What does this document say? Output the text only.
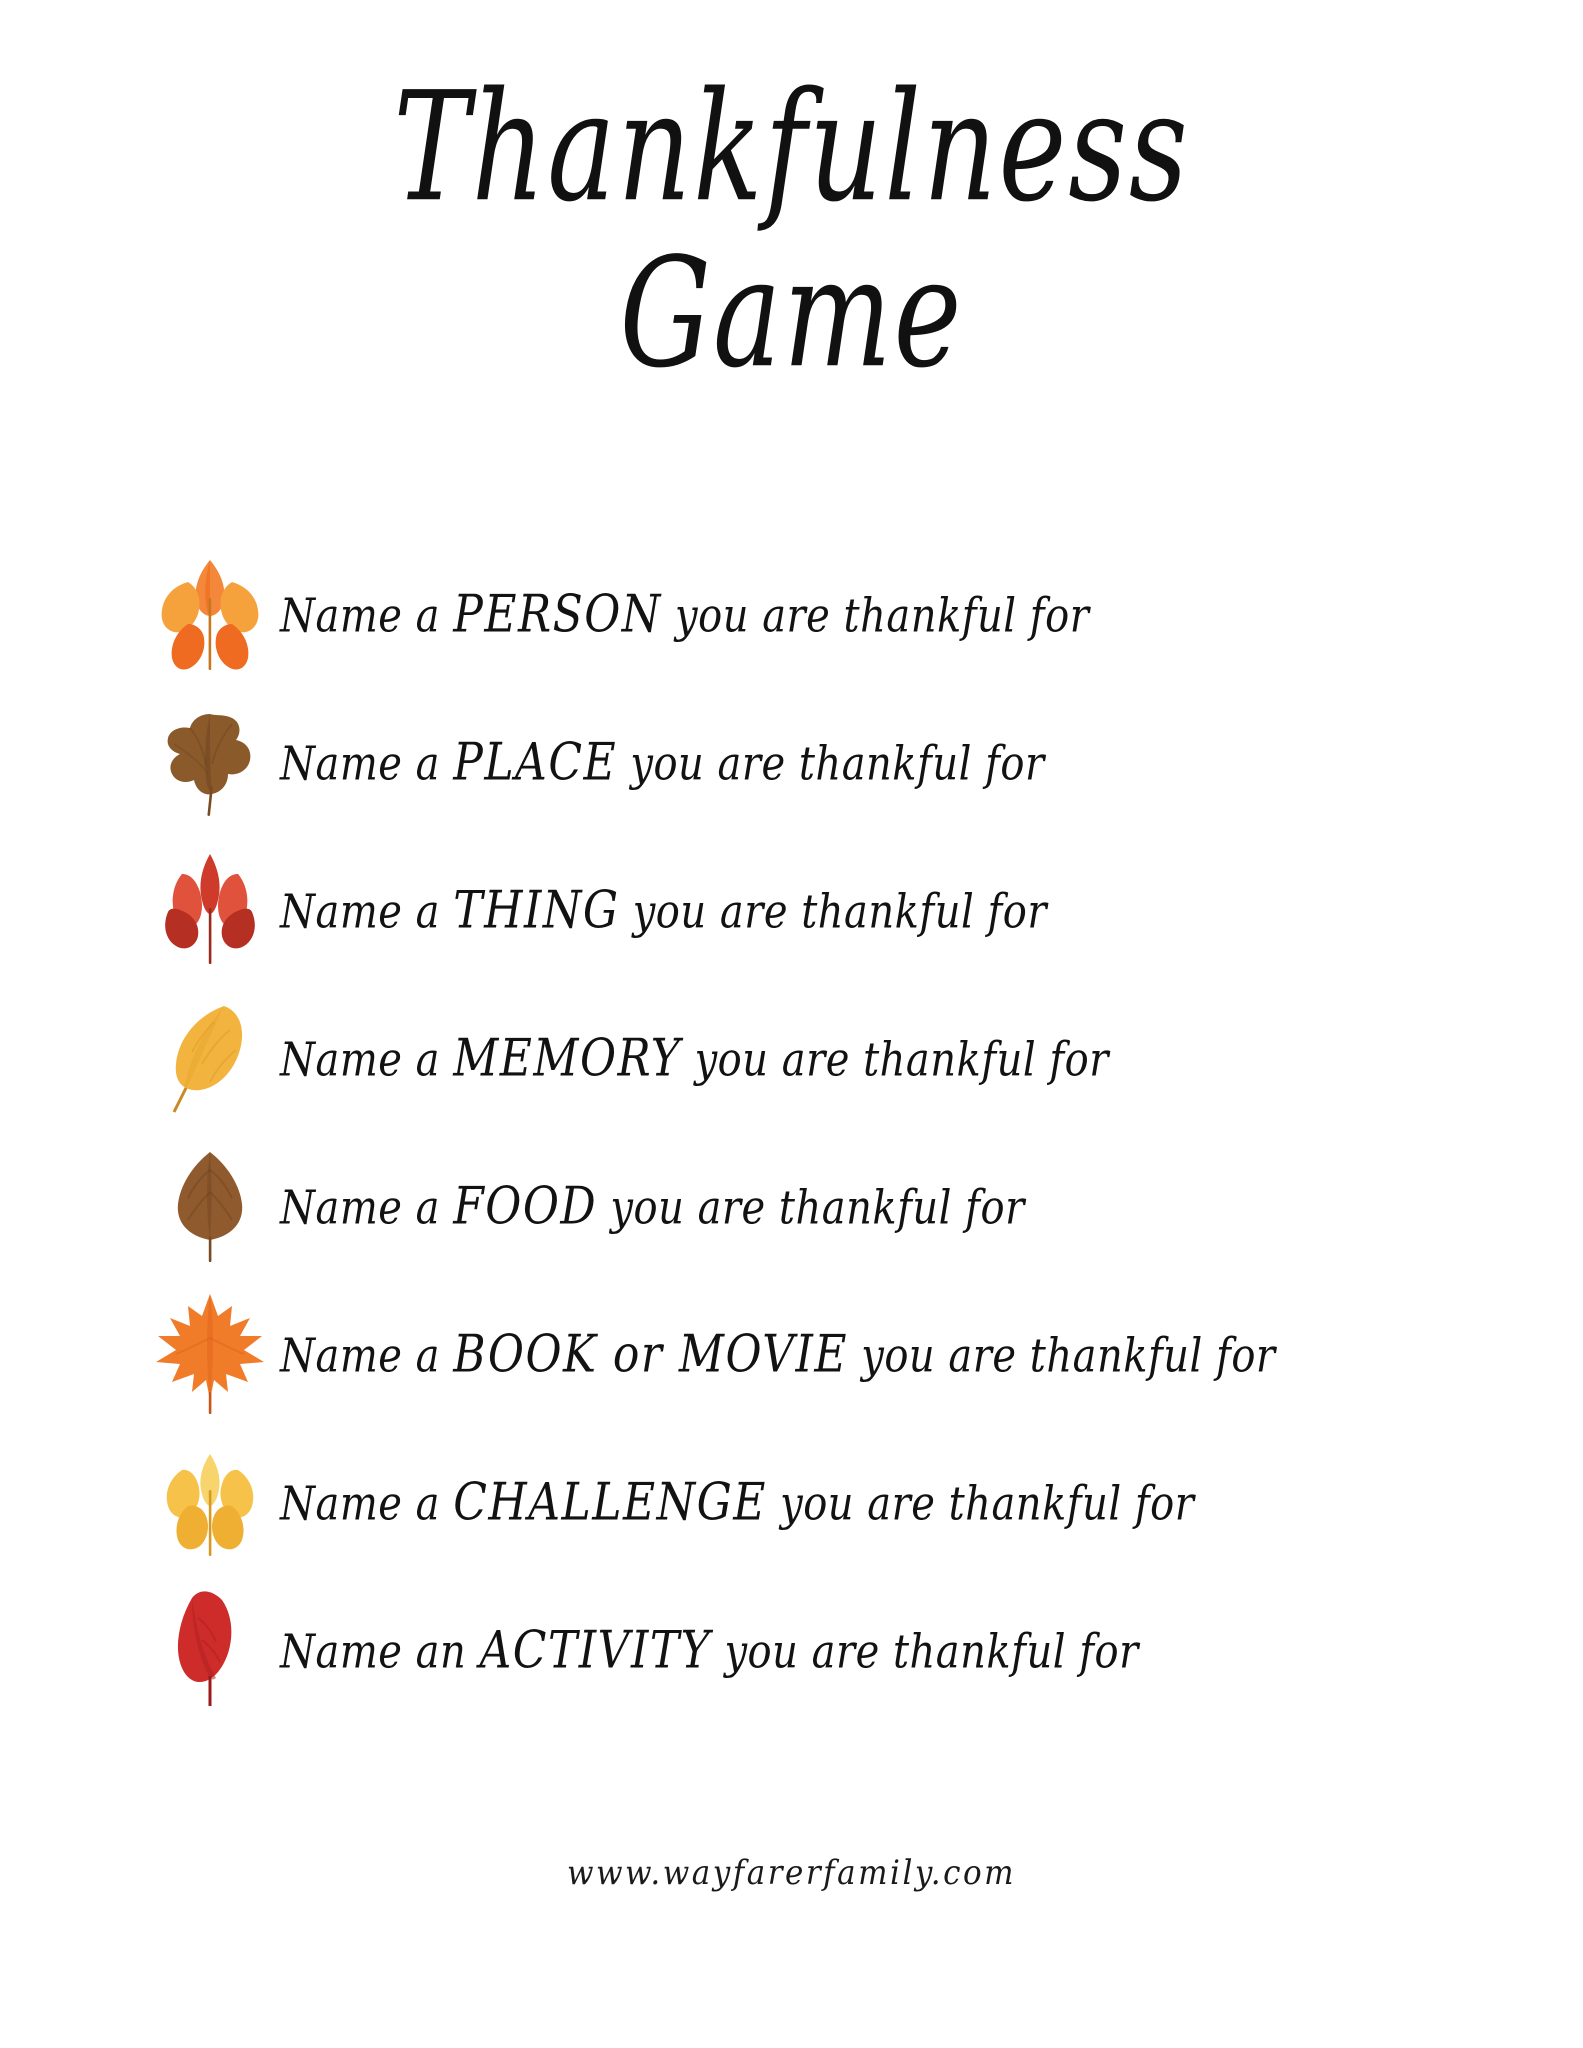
Thankfulness
Game
Name a PERSON you are thankful for
Name a PLACE you are thankful for
Name a THING you are thankful for
Name a MEMORY you are thankful for
Name a FOOD you are thankful for
Name a BOOK or MOVIE you are thankful for
Name a CHALLENGE you are thankful for
Name an ACTIVITY you are thankful for
www.wayfarerfamily.com
